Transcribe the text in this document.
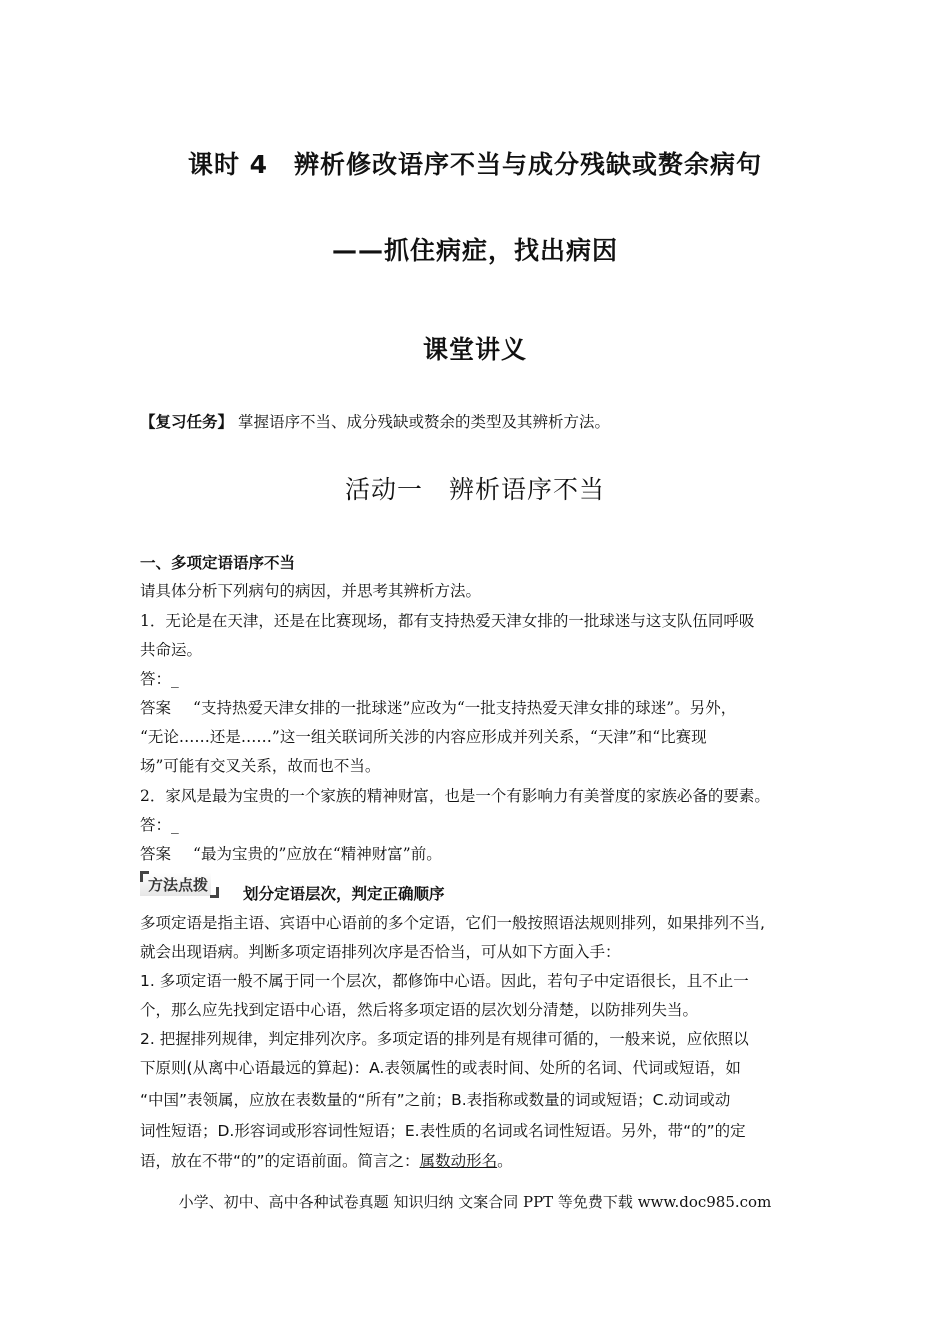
课时 4　辨析修改语序不当与成分残缺或赘余病句
——抓住病症，找出病因
课堂讲义
【复习任务】 掌握语序不当、成分残缺或赘余的类型及其辨析方法。
活动一　辨析语序不当
一、多项定语语序不当
请具体分析下列病句的病因，并思考其辨析方法。
1．无论是在天津，还是在比赛现场，都有支持热爱天津女排的一批球迷与这支队伍同呼吸
共命运。
答：_
答案 “支持热爱天津女排的一批球迷”应改为“一批支持热爱天津女排的球迷”。另外，
“无论……还是……”这一组关联词所关涉的内容应形成并列关系，“天津”和“比赛现
场”可能有交叉关系，故而也不当。
2．家风是最为宝贵的一个家族的精神财富，也是一个有影响力有美誉度的家族必备的要素。
答：_
答案 “最为宝贵的”应放在“精神财富”前。
方法点拨 划分定语层次，判定正确顺序
多项定语是指主语、宾语中心语前的多个定语，它们一般按照语法规则排列，如果排列不当,
就会出现语病。判断多项定语排列次序是否恰当，可从如下方面入手：
1. 多项定语一般不属于同一个层次，都修饰中心语。因此，若句子中定语很长，且不止一
个，那么应先找到定语中心语，然后将多项定语的层次划分清楚，以防排列失当。
2. 把握排列规律，判定排列次序。多项定语的排列是有规律可循的，一般来说，应依照以
下原则(从离中心语最远的算起)：A.表领属性的或表时间、处所的名词、代词或短语，如
“中国”表领属，应放在表数量的“所有”之前；B.表指称或数量的词或短语；C.动词或动
词性短语；D.形容词或形容词性短语；E.表性质的名词或名词性短语。另外，带“的”的定
语，放在不带“的”的定语前面。简言之：属数动形名。
小学、初中、高中各种试卷真题 知识归纳 文案合同 PPT 等免费下载 www.doc985.com
